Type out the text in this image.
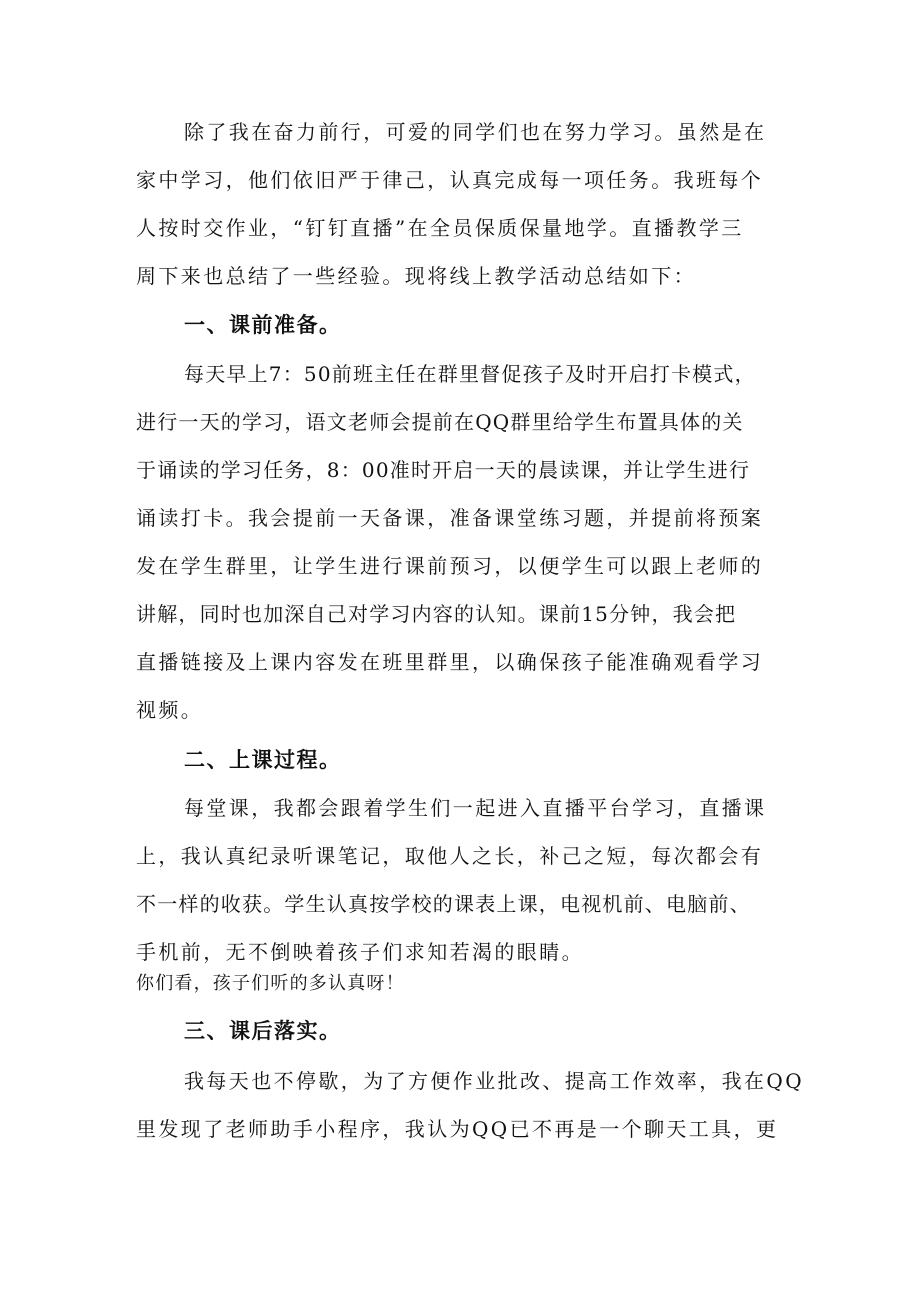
除了我在奋力前行，可爱的同学们也在努力学习。虽然是在
家中学习，他们依旧严于律己，认真完成每一项任务。我班每个
人按时交作业，“钉钉直播”在全员保质保量地学。直播教学三
周下来也总结了一些经验。现将线上教学活动总结如下：
一、课前准备。
每天早上7：50前班主任在群里督促孩子及时开启打卡模式，
进行一天的学习，语文老师会提前在QQ群里给学生布置具体的关
于诵读的学习任务，8：00准时开启一天的晨读课，并让学生进行
诵读打卡。我会提前一天备课，准备课堂练习题，并提前将预案
发在学生群里，让学生进行课前预习，以便学生可以跟上老师的
讲解，同时也加深自己对学习内容的认知。课前15分钟，我会把
直播链接及上课内容发在班里群里，以确保孩子能准确观看学习
视频。
二、上课过程。
每堂课，我都会跟着学生们一起进入直播平台学习，直播课
上，我认真纪录听课笔记，取他人之长，补己之短，每次都会有
不一样的收获。学生认真按学校的课表上课，电视机前、电脑前、
手机前，无不倒映着孩子们求知若渴的眼睛。
你们看，孩子们听的多认真呀！
三、课后落实。
我每天也不停歇，为了方便作业批改、提高工作效率，我在QQ
里发现了老师助手小程序，我认为QQ已不再是一个聊天工具，更
